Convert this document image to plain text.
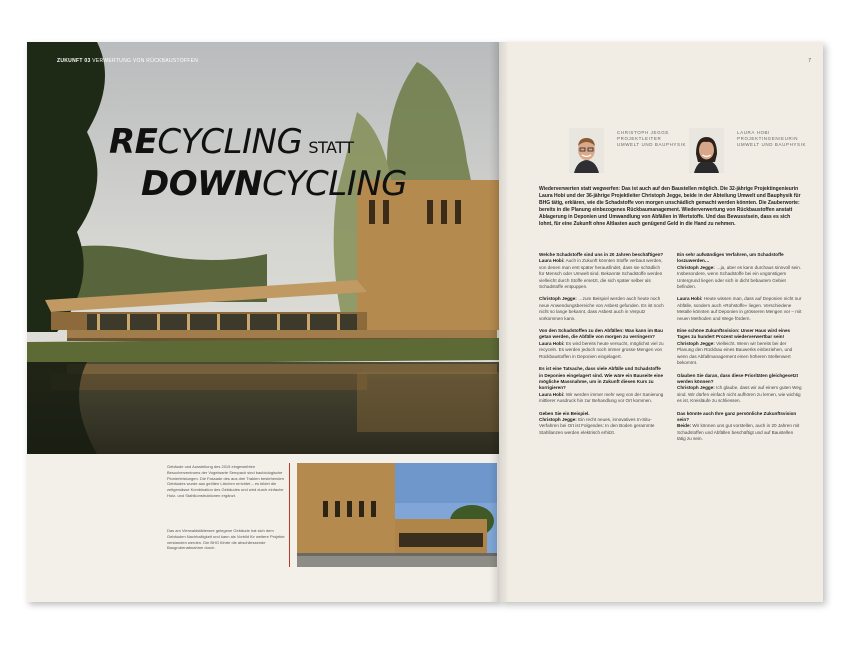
ZUKUNFT 03 VERWERTUNG VON RÜCKBAUSTOFFEN
RECYCLING STATT
DOWNCYCLING
Gebäude und Ausstellung des 2015 eingeweihten Besucherzentrums der Vogelwarte Sempach sind baubiologische Pionierleistungen. Die Fassade des aus drei Trakten bestehenden Gebäudes wurde aus geölten Lärchen errichtet – es bildet die zeitgemässe Kombination des Gebäudes und wird durch einfache Holz- und Stahlkonstruktionen ergänzt.
Das am Vierwaldstättersee gelegene Gebäude hat sich dem Gebäuden Nachhaltigkeit und kann als Vorbild für weitere Projekte verstanden werden. Die BHG führte die abschliessende Baugrubenabnahme durch.
7
CHRISTOPH JEGGE
PROJEKTLEITER
UMWELT UND BAUPHYSIK
LAURA HOBI
PROJEKTINGENIEURIN
UMWELT UND BAUPHYSIK
Wiederverwerten statt wegwerfen: Das ist auch auf den Baustellen möglich. Die 32-jährige Projektingenieurin Laura Hobi und der 36-jährige Projektleiter Christoph Jegge, beide in der Abteilung Umwelt und Bauphysik für BHG tätig, erklären, wie die Schadstoffe von morgen unschädlich gemacht werden könnten. Die Zauberworte: bereits in die Planung einbezogenes Rückbaumanagement. Wiederverwertung von Rückbaustoffen anstatt Ablagerung in Deponien und Umwandlung von Abfällen in Wertstoffe. Und das Bewusstsein, dass es sich lohnt, für eine Zukunft ohne Altlasten auch genügend Geld in die Hand zu nehmen.

Welche Schadstoffe sind uns in 20 Jahren beschäftigen?
Laura Hobi: Auch in Zukunft könnten Stoffe verbaut werden, von denen man erst später herausfindet, dass sie schädlich für Mensch oder Umwelt sind. Bekannte Schadstoffe werden vielleicht durch Stoffe ersetzt, die sich später selber als Schadstoffe entpuppen.

Christoph Jegge: …zum Beispiel werden auch heute noch neue Anwendungsbereiche von Asbest gefunden. Es ist noch nicht so lange bekannt, dass Asbest auch in Verputz vorkommen kann.

Von den Schadstoffen zu den Abfällen: Was kann im Bau getan werden, die Abfälle von morgen zu verringern?
Laura Hobi: Es wird bereits heute versucht, möglichst viel zu recyceln. Es werden jedoch noch immer grosse Mengen von Rückbaustoffen in Deponien eingelagert.

Es ist eine Tatsache, dass viele Abfälle und Schadstoffe in Deponien eingelagert sind. Wie wäre ein Bauseite eine mögliche Massnahme, um in Zukunft diesen Kurs zu korrigieren?
Laura Hobi: Wir werden immer mehr weg von der Sanierung mittlerer Ausdruck hin zur Behandlung vor Ort kommen.

Geben Sie ein Beispiel.
Christoph Jegge: Ein recht neues, innovatives In-Situ-Verfahren bei Ort ist Folgendes: In den Boden gerammte Stahllanzen werden elektrisch erhitzt.

Ein sehr aufwändiges Verfahren, um Schadstoffe loszuwerden…
Christoph Jegge: …ja, aber es kann durchaus sinnvoll sein. Insbesondere, wenn Schadstoffe bei ein ungünstigem Untergrund liegen oder sich in dicht bebautem Gebiet befinden.

Laura Hobi: Heute wissen man, dass auf Deponien nicht nur Abfälle, sondern auch »Rohstoffe« liegen. Verschiedene Metalle könnten auf Deponien in grösseren Mengen vor – mit neuen Methoden und Wege fördern.

Eine schöne Zukunftsvision: Unser Haus wird eines Tages zu hundert Prozent wiederverwertbar sein!
Christoph Jegge: Vielleicht. Wenn wir bereits bei der Planung den Rückbau eines Bauwerks einbeziehen, und wenn das Abfallmanagement einen höheren Stellenwert bekommt.

Glauben Sie daran, dass diese Prioritäten gleichgesetzt werden können?
Christoph Jegge: Ich glaube, dass wir auf einem guten Weg sind. Wir dürfen einfach nicht aufhören zu lernen, wie wichtig es ist, Kreisläufe zu schliessen.

Das könnte auch Ihre ganz persönliche Zukunftsvision sein?
Beide: Wir können uns gut vorstellen, auch in 20 Jahren mit Schadstoffen und Abfällen beschäftigt und auf Baustellen tätig zu sein.
